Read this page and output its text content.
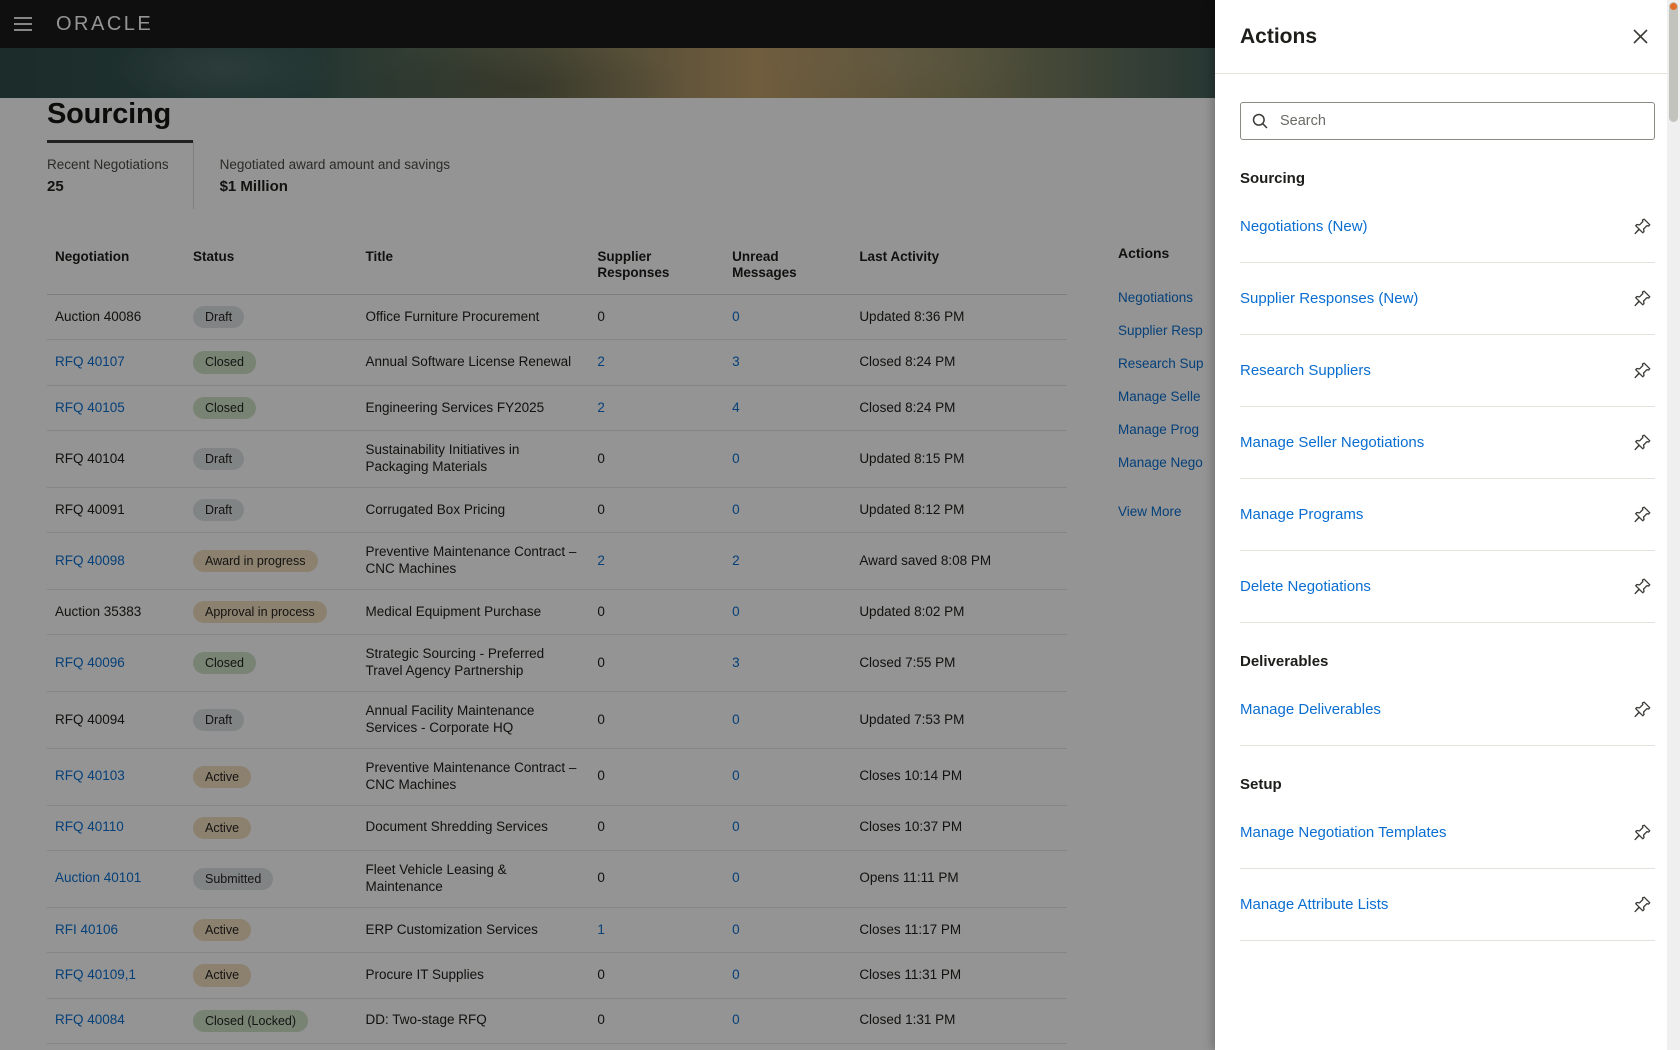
ORACLE
Sourcing
Recent Negotiations
25
Negotiated award amount and savings
$1 Million
Negotiation	Status	Title	Supplier Responses	Unread Messages	Last Activity
Auction 40086	Draft	Office Furniture Procurement	0	0	Updated 8:36 PM
RFQ 40107	Closed	Annual Software License Renewal	2	3	Closed 8:24 PM
RFQ 40105	Closed	Engineering Services FY2025	2	4	Closed 8:24 PM
RFQ 40104	Draft	Sustainability Initiatives in Packaging Materials	0	0	Updated 8:15 PM
RFQ 40091	Draft	Corrugated Box Pricing	0	0	Updated 8:12 PM
RFQ 40098	Award in progress	Preventive Maintenance Contract – CNC Machines	2	2	Award saved 8:08 PM
Auction 35383	Approval in process	Medical Equipment Purchase	0	0	Updated 8:02 PM
RFQ 40096	Closed	Strategic Sourcing - Preferred Travel Agency Partnership	0	3	Closed 7:55 PM
RFQ 40094	Draft	Annual Facility Maintenance Services - Corporate HQ	0	0	Updated 7:53 PM
RFQ 40103	Active	Preventive Maintenance Contract – CNC Machines	0	0	Closes 10:14 PM
RFQ 40110	Active	Document Shredding Services	0	0	Closes 10:37 PM
Auction 40101	Submitted	Fleet Vehicle Leasing & Maintenance	0	0	Opens 11:11 PM
RFI 40106	Active	ERP Customization Services	1	0	Closes 11:17 PM
RFQ 40109,1	Active	Procure IT Supplies	0	0	Closes 11:31 PM
RFQ 40084	Closed (Locked)	DD: Two-stage RFQ	0	0	Closed 1:31 PM
Actions
Negotiations
Supplier Resp
Research Sup
Manage Selle
Manage Prog
Manage Nego
View More
Actions
Search
Sourcing
Negotiations (New)
Supplier Responses (New)
Research Suppliers
Manage Seller Negotiations
Manage Programs
Delete Negotiations
Deliverables
Manage Deliverables
Setup
Manage Negotiation Templates
Manage Attribute Lists
